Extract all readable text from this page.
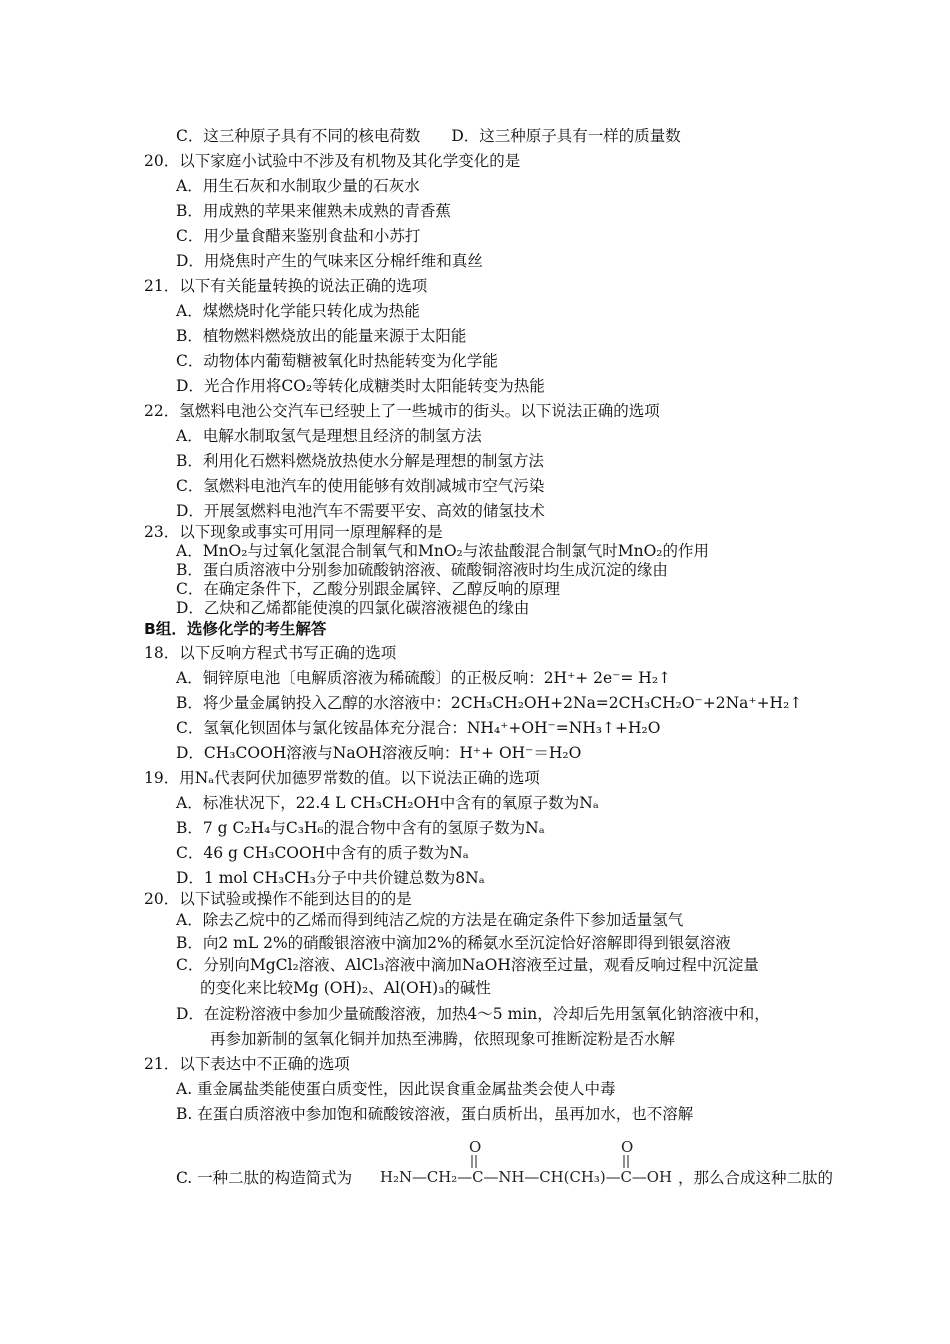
C．这三种原子具有不同的核电荷数　　D．这三种原子具有一样的质量数
20．以下家庭小试验中不涉及有机物及其化学变化的是
A．用生石灰和水制取少量的石灰水
B．用成熟的苹果来催熟未成熟的青香蕉
C．用少量食醋来鉴别食盐和小苏打
D．用烧焦时产生的气味来区分棉纤维和真丝
21．以下有关能量转换的说法正确的选项
A．煤燃烧时化学能只转化成为热能
B．植物燃料燃烧放出的能量来源于太阳能
C．动物体内葡萄糖被氧化时热能转变为化学能
D．光合作用将CO₂等转化成糖类时太阳能转变为热能
22．氢燃料电池公交汽车已经驶上了一些城市的街头。以下说法正确的选项
A．电解水制取氢气是理想且经济的制氢方法
B．利用化石燃料燃烧放热使水分解是理想的制氢方法
C．氢燃料电池汽车的使用能够有效削减城市空气污染
D．开展氢燃料电池汽车不需要平安、高效的储氢技术
23．以下现象或事实可用同一原理解释的是
A．MnO₂与过氧化氢混合制氧气和MnO₂与浓盐酸混合制氯气时MnO₂的作用
B．蛋白质溶液中分别参加硫酸钠溶液、硫酸铜溶液时均生成沉淀的缘由
C．在确定条件下，乙酸分别跟金属锌、乙醇反响的原理
D．乙炔和乙烯都能使溴的四氯化碳溶液褪色的缘由
B组．选修化学的考生解答
18．以下反响方程式书写正确的选项
A．铜锌原电池〔电解质溶液为稀硫酸〕的正极反响：2H⁺+ 2e⁻= H₂↑
B．将少量金属钠投入乙醇的水溶液中：2CH₃CH₂OH+2Na=2CH₃CH₂O⁻+2Na⁺+H₂↑
C．氢氧化钡固体与氯化铵晶体充分混合：NH₄⁺+OH⁻=NH₃↑+H₂O
D．CH₃COOH溶液与NaOH溶液反响：H⁺+ OH⁻＝H₂O
19．用Nₐ代表阿伏加德罗常数的值。以下说法正确的选项
A．标准状况下，22.4 L CH₃CH₂OH中含有的氧原子数为Nₐ
B．7 g C₂H₄与C₃H₆的混合物中含有的氢原子数为Nₐ
C．46 g CH₃COOH中含有的质子数为Nₐ
D．1 mol CH₃CH₃分子中共价键总数为8Nₐ
20．以下试验或操作不能到达目的的是
A．除去乙烷中的乙烯而得到纯洁乙烷的方法是在确定条件下参加适量氢气
B．向2 mL 2%的硝酸银溶液中滴加2%的稀氨水至沉淀恰好溶解即得到银氨溶液
C．分别向MgCl₂溶液、AlCl₃溶液中滴加NaOH溶液至过量，观看反响过程中沉淀量
的变化来比较Mg (OH)₂、Al(OH)₃的碱性
D．在淀粉溶液中参加少量硫酸溶液，加热4～5 min，冷却后先用氢氧化钠溶液中和，
再参加新制的氢氧化铜并加热至沸腾，依照现象可推断淀粉是否水解
21．以下表达中不正确的选项
A. 重金属盐类能使蛋白质变性，因此误食重金属盐类会使人中毒
B. 在蛋白质溶液中参加饱和硫酸铵溶液，蛋白质析出，虽再加水，也不溶解
C. 一种二肽的构造简式为
O	O
H₂N—CH₂—C—NH—CH(CH₃)—C—OH ，那么合成这种二肽的
